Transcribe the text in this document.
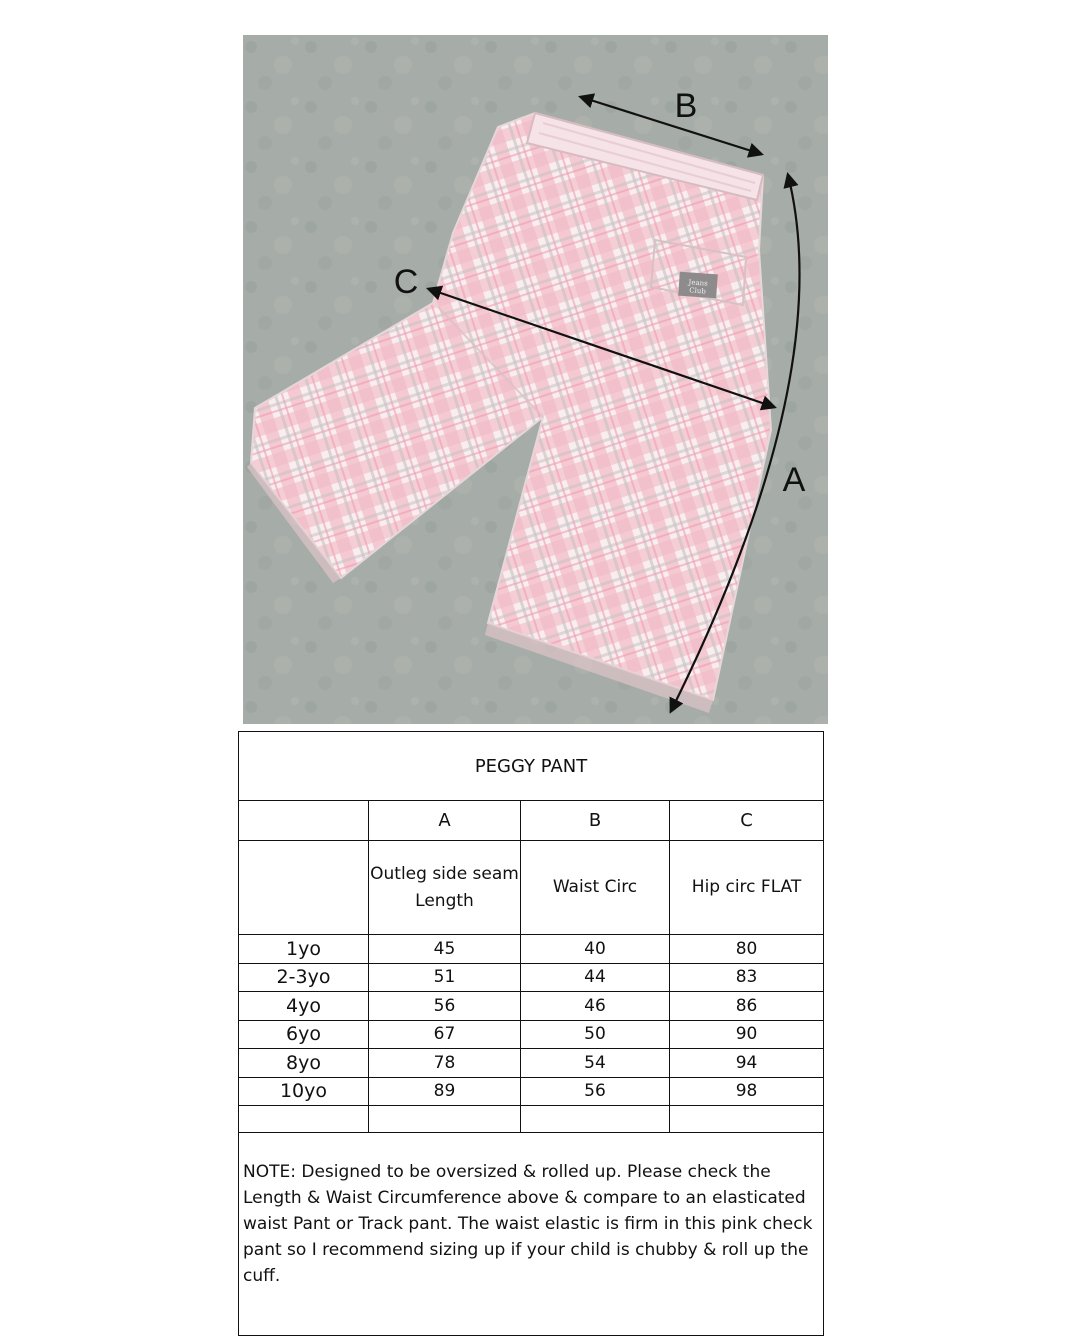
Jeans
Club
B
C
A
PEGGY PANT			
	A	B	C
	Outleg side seam Length	Waist Circ	Hip circ FLAT
1yo	45	40	80
2-3yo	51	44	83
4yo	56	46	86
6yo	67	50	90
8yo	78	54	94
10yo	89	56	98

NOTE: Designed to be oversized & rolled up. Please check the Length & Waist Circumference above & compare to an elasticated waist Pant or Track pant. The waist elastic is firm in this pink check pant so I recommend sizing up if your child is chubby & roll up the cuff.			
